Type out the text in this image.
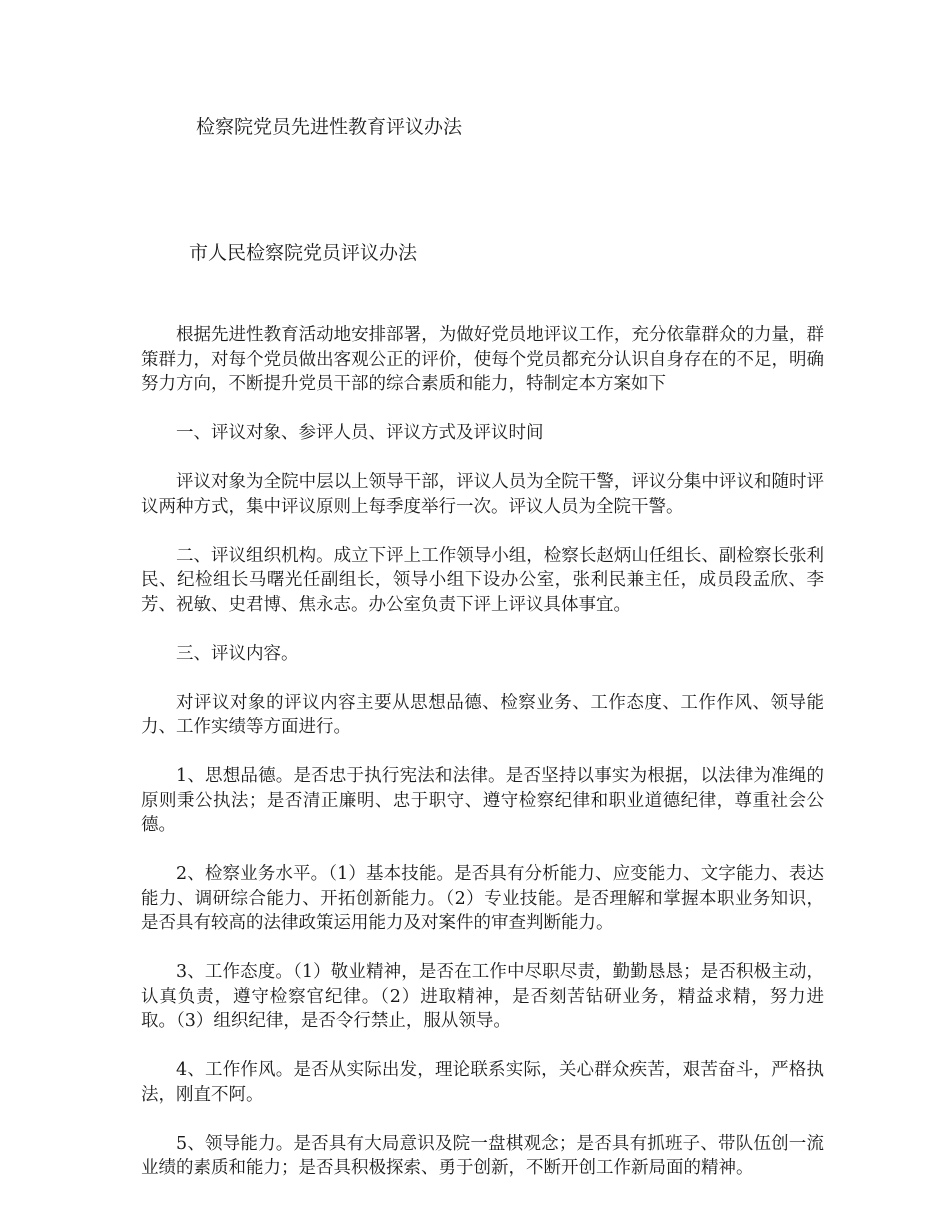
检察院党员先进性教育评议办法
市人民检察院党员评议办法

根据先进性教育活动地安排部署，为做好党员地评议工作，充分依靠群众的力量，群策群力，对每个党员做出客观公正的评价，使每个党员都充分认识自身存在的不足，明确努力方向，不断提升党员干部的综合素质和能力，特制定本方案如下

一、评议对象、参评人员、评议方式及评议时间

评议对象为全院中层以上领导干部，评议人员为全院干警，评议分集中评议和随时评议两种方式，集中评议原则上每季度举行一次。评议人员为全院干警。

二、评议组织机构。成立下评上工作领导小组，检察长赵炳山任组长、副检察长张利民、纪检组长马曙光任副组长，领导小组下设办公室，张利民兼主任，成员段孟欣、李芳、祝敏、史君博、焦永志。办公室负责下评上评议具体事宜。

三、评议内容。

对评议对象的评议内容主要从思想品德、检察业务、工作态度、工作作风、领导能力、工作实绩等方面进行。

1、思想品德。是否忠于执行宪法和法律。是否坚持以事实为根据，以法律为准绳的原则秉公执法；是否清正廉明、忠于职守、遵守检察纪律和职业道德纪律，尊重社会公德。

2、检察业务水平。（1）基本技能。是否具有分析能力、应变能力、文字能力、表达能力、调研综合能力、开拓创新能力。（2）专业技能。是否理解和掌握本职业务知识，是否具有较高的法律政策运用能力及对案件的审查判断能力。

3、工作态度。（1）敬业精神，是否在工作中尽职尽责，勤勤恳恳；是否积极主动，认真负责，遵守检察官纪律。（2）进取精神，是否刻苦钻研业务，精益求精，努力进取。（3）组织纪律，是否令行禁止，服从领导。

4、工作作风。是否从实际出发，理论联系实际，关心群众疾苦，艰苦奋斗，严格执法，刚直不阿。

5、领导能力。是否具有大局意识及院一盘棋观念；是否具有抓班子、带队伍创一流业绩的素质和能力；是否具积极探索、勇于创新，不断开创工作新局面的精神。
